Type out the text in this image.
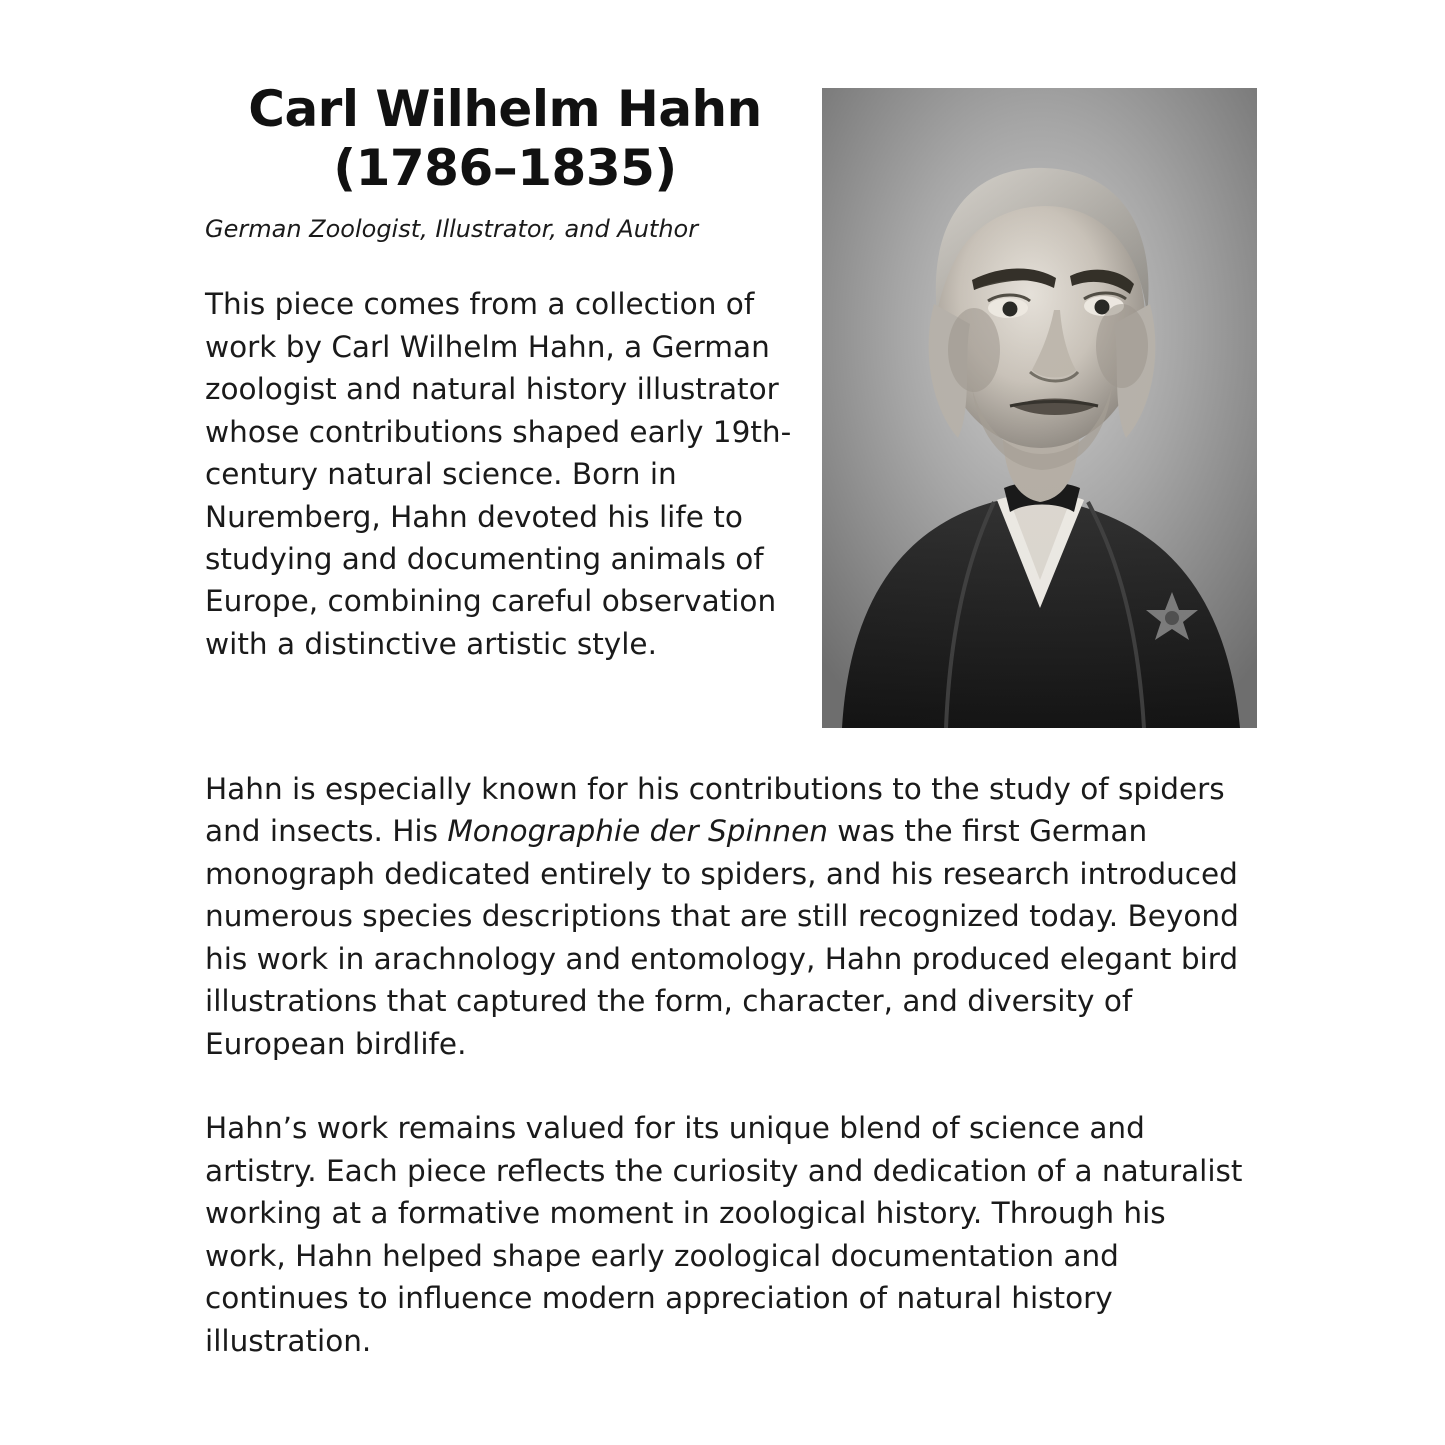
Carl Wilhelm Hahn
(1786–1835)

German Zoologist, Illustrator, and Author

This piece comes from a collection of work by Carl Wilhelm Hahn, a German zoologist and natural history illustrator whose contributions shaped early 19th-century natural science. Born in Nuremberg, Hahn devoted his life to studying and documenting animals of Europe, combining careful observation with a distinctive artistic style.

Hahn is especially known for his contributions to the study of spiders and insects. His Monographie der Spinnen was the first German monograph dedicated entirely to spiders, and his research introduced numerous species descriptions that are still recognized today. Beyond his work in arachnology and entomology, Hahn produced elegant bird illustrations that captured the form, character, and diversity of European birdlife.

Hahn’s work remains valued for its unique blend of science and artistry. Each piece reflects the curiosity and dedication of a naturalist working at a formative moment in zoological history. Through his work, Hahn helped shape early zoological documentation and continues to influence modern appreciation of natural history illustration.
